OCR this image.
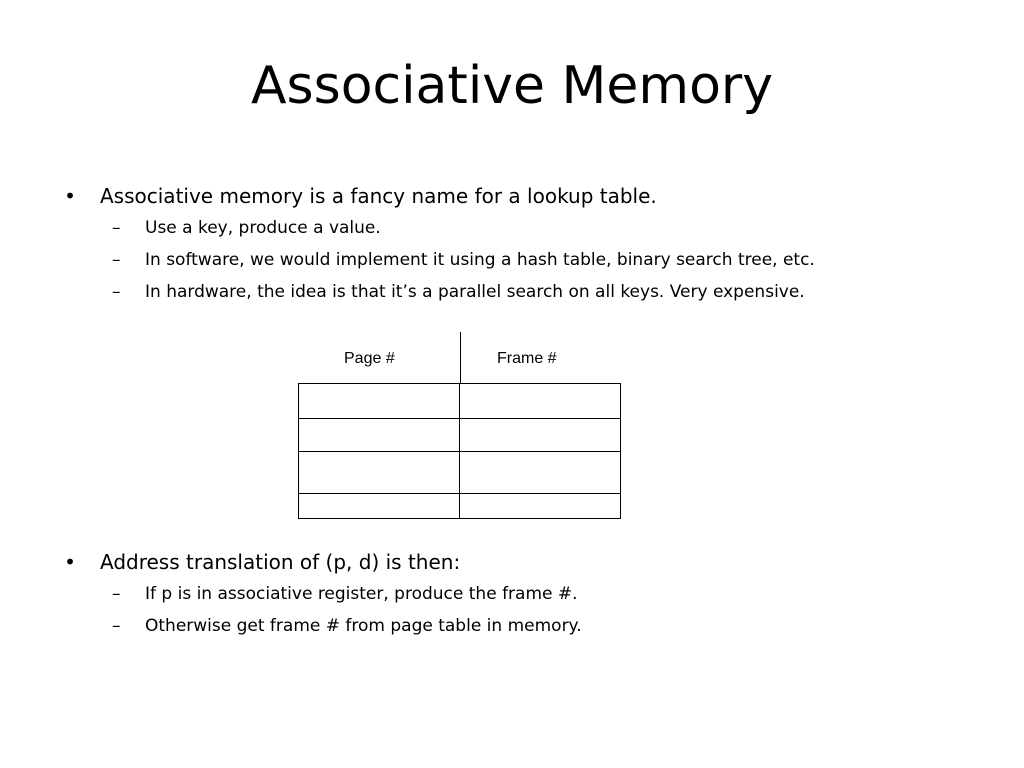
Associative Memory
• Associative memory is a fancy name for a lookup table.
– Use a key, produce a value.
– In software, we would implement it using a hash table, binary search tree, etc.
– In hardware, the idea is that it’s a parallel search on all keys. Very expensive.
Page #	Frame #

• Address translation of (p, d) is then:
– If p is in associative register, produce the frame #.
– Otherwise get frame # from page table in memory.
